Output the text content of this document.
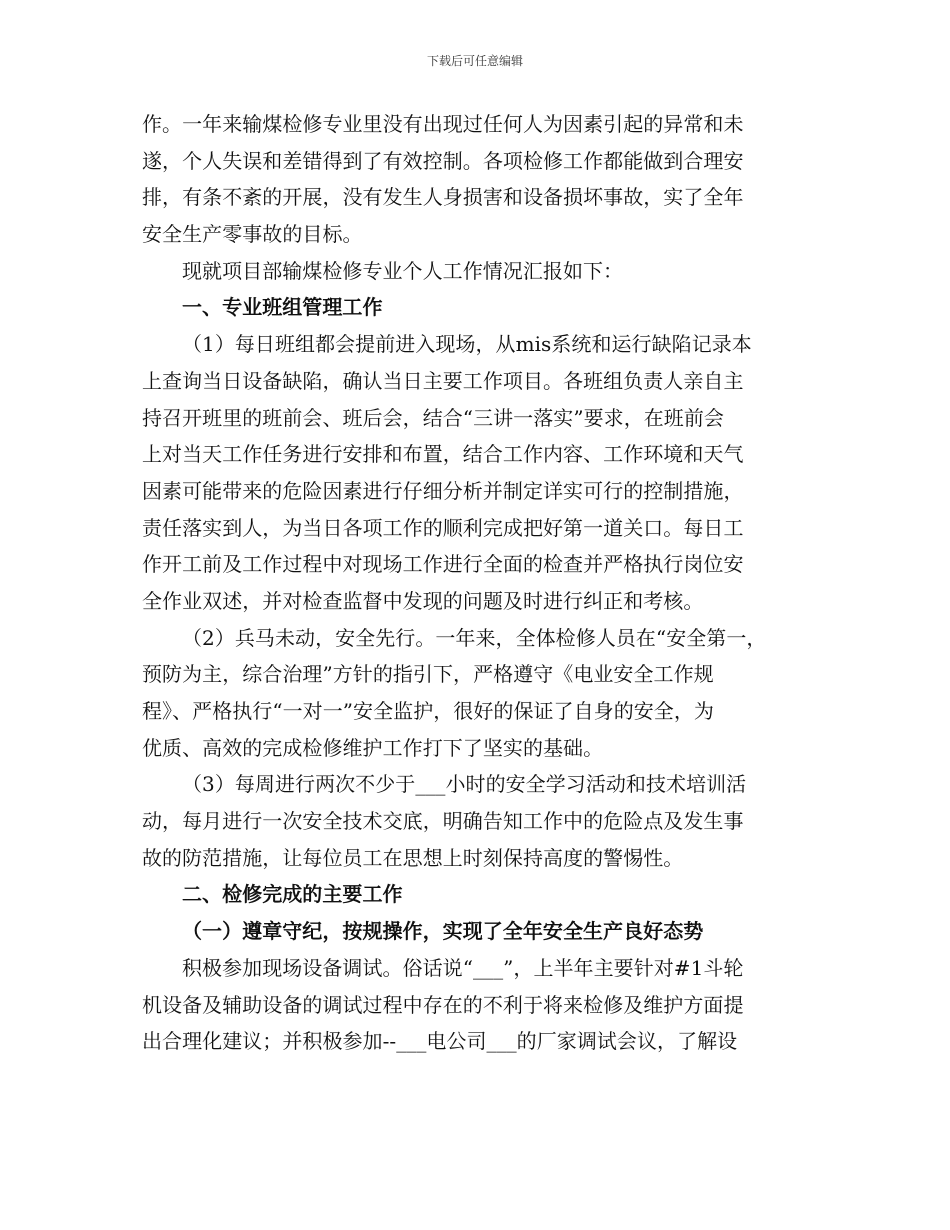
下载后可任意编辑
作。一年来输煤检修专业里没有出现过任何人为因素引起的异常和未
遂，个人失误和差错得到了有效控制。各项检修工作都能做到合理安
排，有条不紊的开展，没有发生人身损害和设备损坏事故，实了全年
安全生产零事故的目标。
现就项目部输煤检修专业个人工作情况汇报如下：
一、专业班组管理工作
（1）每日班组都会提前进入现场，从mis系统和运行缺陷记录本
上查询当日设备缺陷，确认当日主要工作项目。各班组负责人亲自主
持召开班里的班前会、班后会，结合“三讲一落实”要求，在班前会
上对当天工作任务进行安排和布置，结合工作内容、工作环境和天气
因素可能带来的危险因素进行仔细分析并制定详实可行的控制措施，
责任落实到人，为当日各项工作的顺利完成把好第一道关口。每日工
作开工前及工作过程中对现场工作进行全面的检查并严格执行岗位安
全作业双述，并对检查监督中发现的问题及时进行纠正和考核。
（2）兵马未动，安全先行。一年来，全体检修人员在“安全第一，
预防为主，综合治理”方针的指引下，严格遵守《电业安全工作规
程》、严格执行“一对一”安全监护，很好的保证了自身的安全，为
优质、高效的完成检修维护工作打下了坚实的基础。
（3）每周进行两次不少于___小时的安全学习活动和技术培训活
动，每月进行一次安全技术交底，明确告知工作中的危险点及发生事
故的防范措施，让每位员工在思想上时刻保持高度的警惕性。
二、检修完成的主要工作
（一）遵章守纪，按规操作，实现了全年安全生产良好态势
积极参加现场设备调试。俗话说“___”，上半年主要针对#1斗轮
机设备及辅助设备的调试过程中存在的不利于将来检修及维护方面提
出合理化建议；并积极参加--___电公司___的厂家调试会议，了解设
